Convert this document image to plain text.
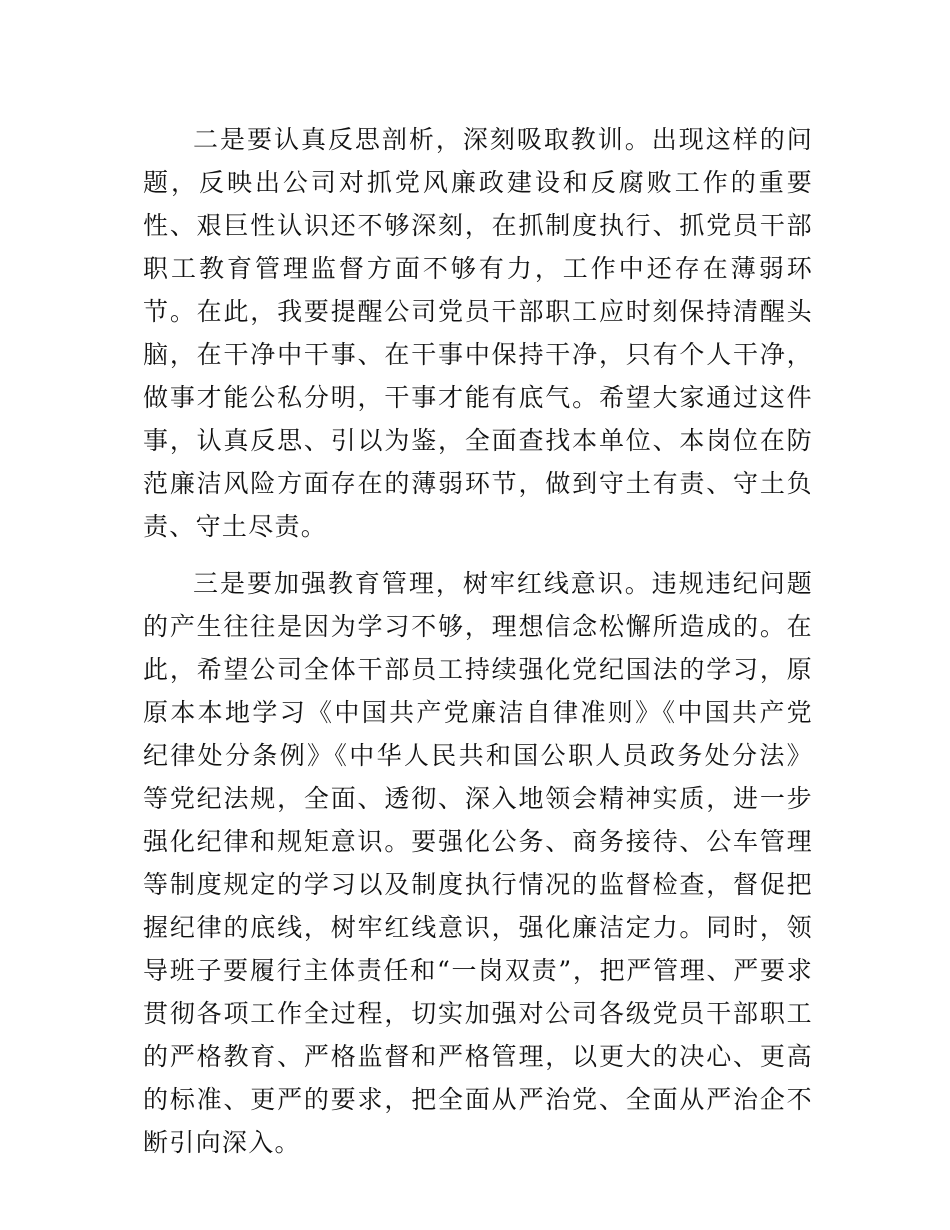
二是要认真反思剖析，深刻吸取教训。出现这样的问题，反映出公司对抓党风廉政建设和反腐败工作的重要性、艰巨性认识还不够深刻，在抓制度执行、抓党员干部职工教育管理监督方面不够有力，工作中还存在薄弱环节。在此，我要提醒公司党员干部职工应时刻保持清醒头脑，在干净中干事、在干事中保持干净，只有个人干净，做事才能公私分明，干事才能有底气。希望大家通过这件事，认真反思、引以为鉴，全面查找本单位、本岗位在防范廉洁风险方面存在的薄弱环节，做到守土有责、守土负责、守土尽责。

三是要加强教育管理，树牢红线意识。违规违纪问题的产生往往是因为学习不够，理想信念松懈所造成的。在此，希望公司全体干部员工持续强化党纪国法的学习，原原本本地学习《中国共产党廉洁自律准则》《中国共产党纪律处分条例》《中华人民共和国公职人员政务处分法》等党纪法规，全面、透彻、深入地领会精神实质，进一步强化纪律和规矩意识。要强化公务、商务接待、公车管理等制度规定的学习以及制度执行情况的监督检查，督促把握纪律的底线，树牢红线意识，强化廉洁定力。同时，领导班子要履行主体责任和“一岗双责”，把严管理、严要求贯彻各项工作全过程，切实加强对公司各级党员干部职工的严格教育、严格监督和严格管理，以更大的决心、更高的标准、更严的要求，把全面从严治党、全面从严治企不断引向深入。
